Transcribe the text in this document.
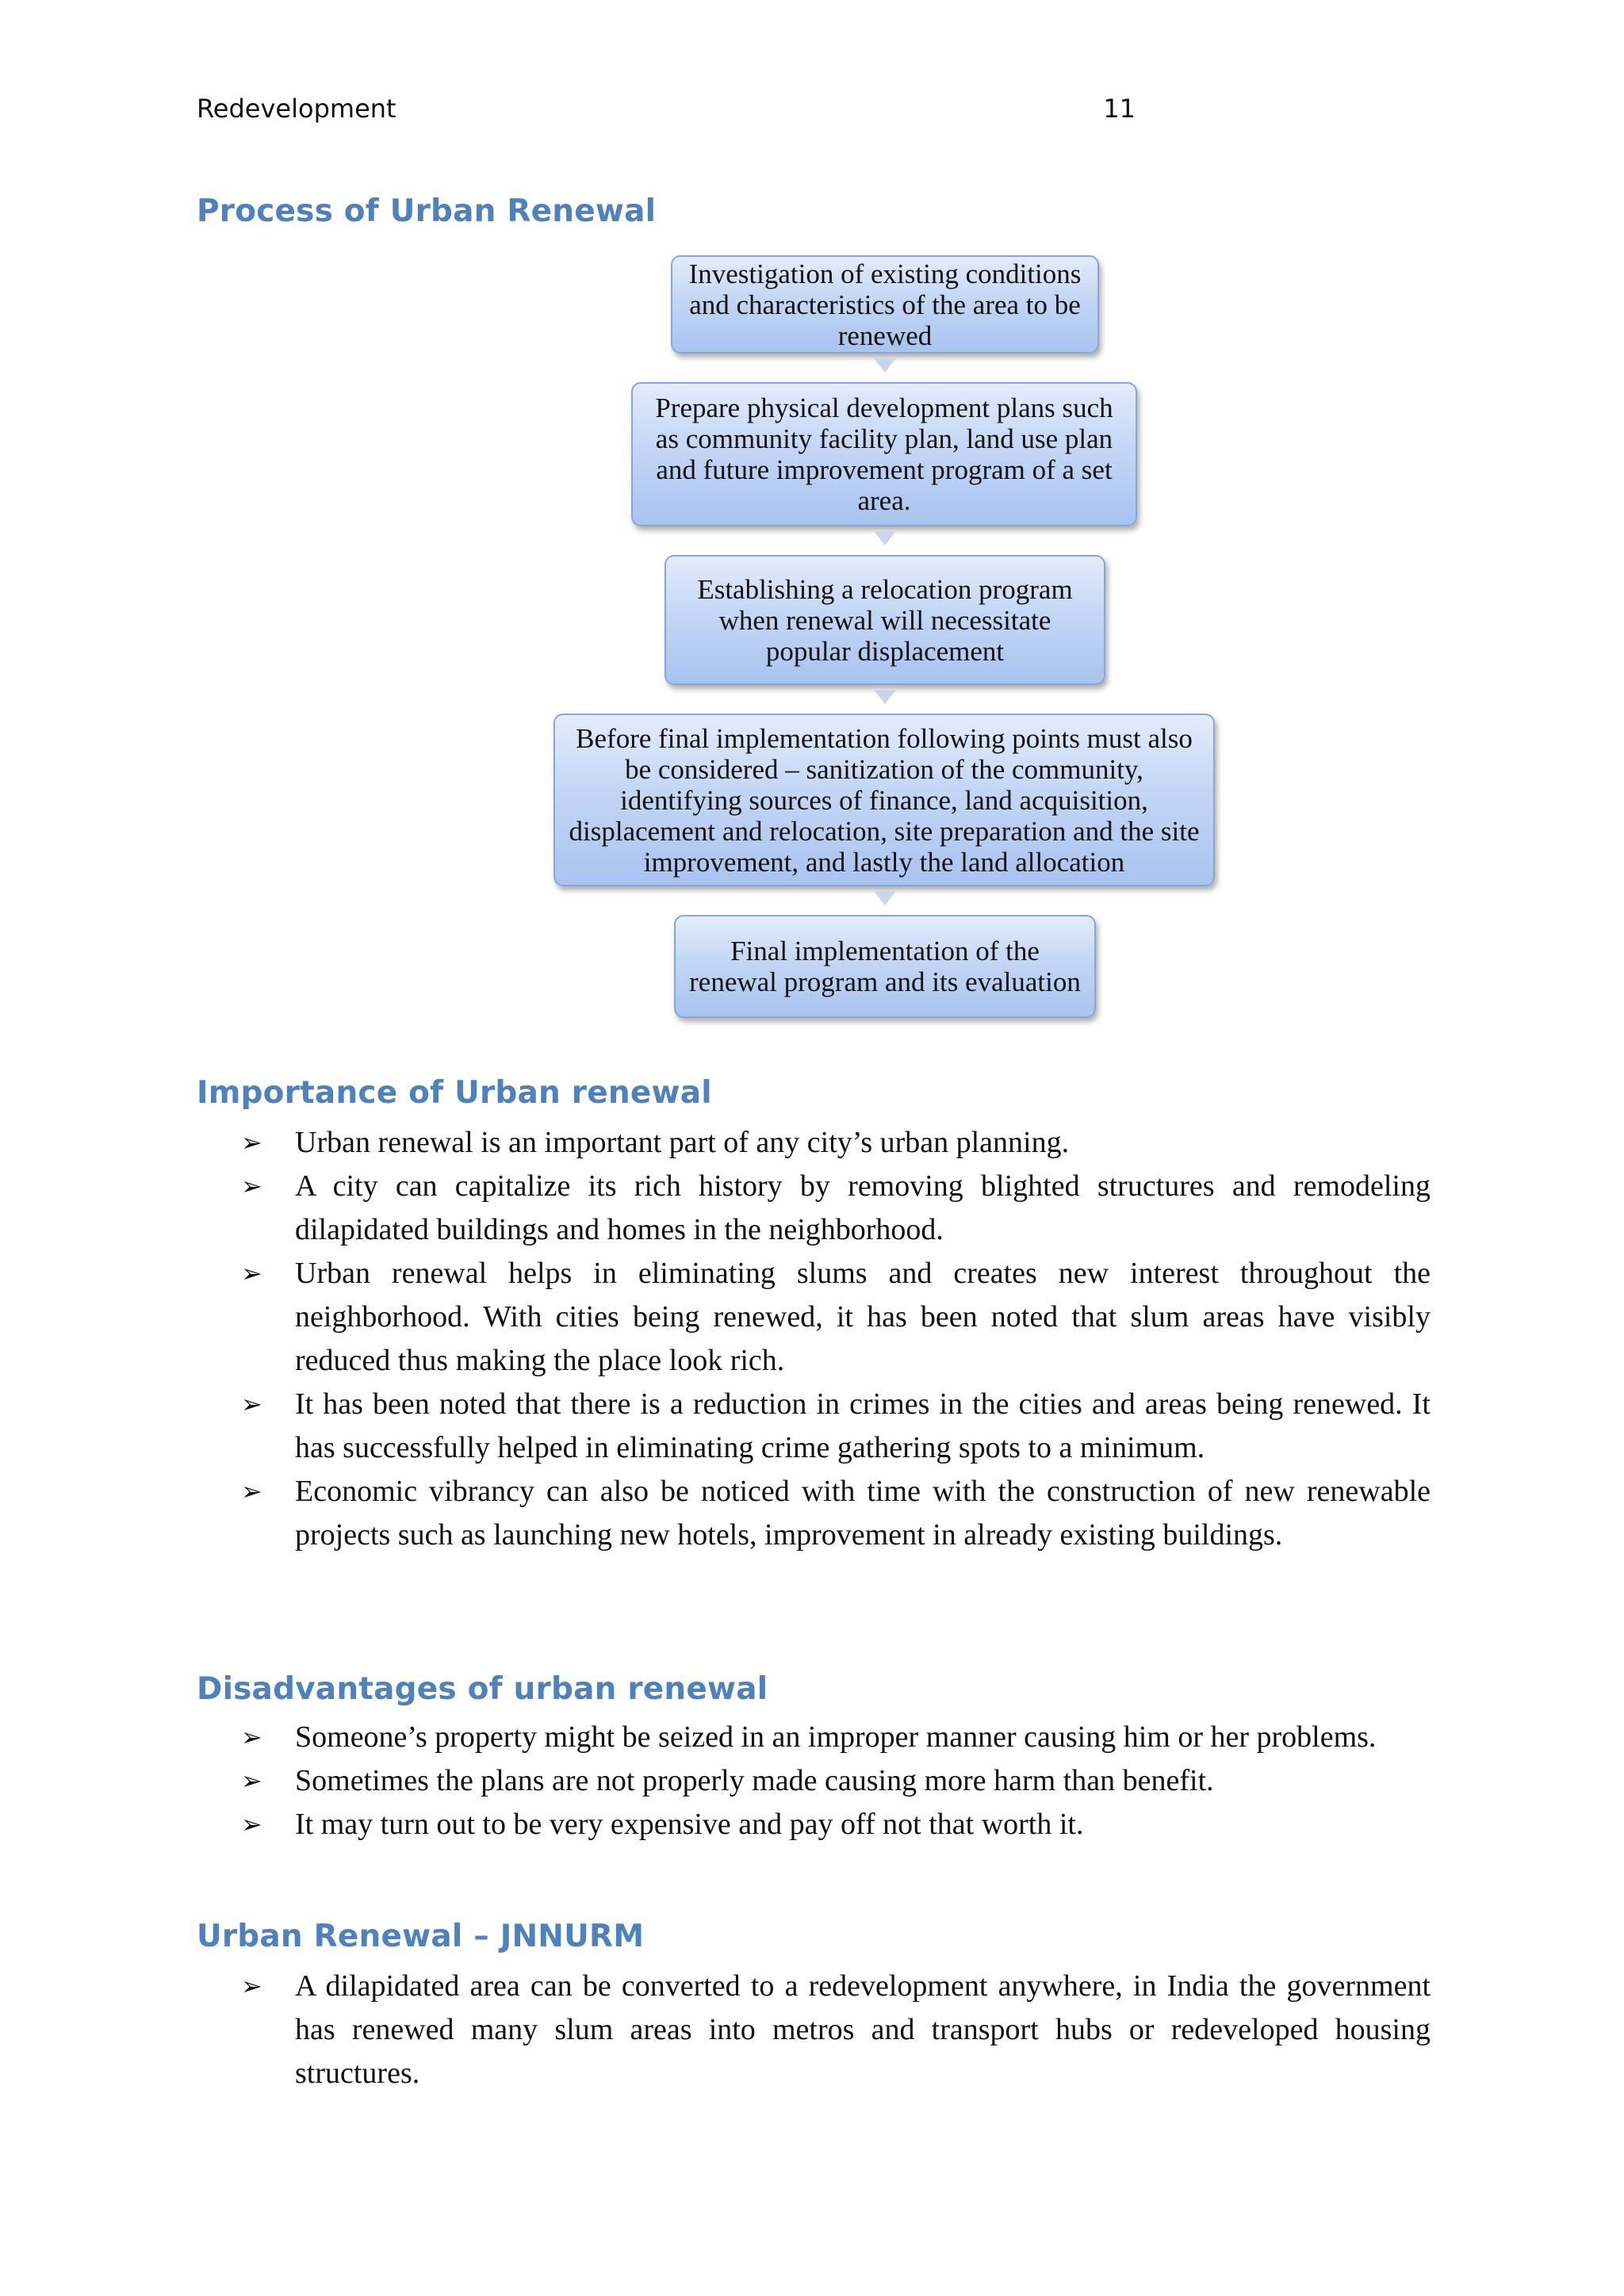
Redevelopment	11
Process of Urban Renewal
Investigation of existing conditions and characteristics of the area to be renewed
Prepare physical development plans such as community facility plan, land use plan and future improvement program of a set area.
Establishing a relocation program when renewal will necessitate popular displacement
Before final implementation following points must also be considered – sanitization of the community, identifying sources of finance, land acquisition, displacement and relocation, site preparation and the site improvement, and lastly the land allocation
Final implementation of the renewal program and its evaluation
Importance of Urban renewal
➢ Urban renewal is an important part of any city’s urban planning.
➢ A city can capitalize its rich history by removing blighted structures and remodeling dilapidated buildings and homes in the neighborhood.
➢ Urban renewal helps in eliminating slums and creates new interest throughout the neighborhood. With cities being renewed, it has been noted that slum areas have visibly reduced thus making the place look rich.
➢ It has been noted that there is a reduction in crimes in the cities and areas being renewed. It has successfully helped in eliminating crime gathering spots to a minimum.
➢ Economic vibrancy can also be noticed with time with the construction of new renewable projects such as launching new hotels, improvement in already existing buildings.
Disadvantages of urban renewal
➢ Someone’s property might be seized in an improper manner causing him or her problems.
➢ Sometimes the plans are not properly made causing more harm than benefit.
➢ It may turn out to be very expensive and pay off not that worth it.
Urban Renewal – JNNURM
➢ A dilapidated area can be converted to a redevelopment anywhere, in India the government has renewed many slum areas into metros and transport hubs or redeveloped housing structures.
